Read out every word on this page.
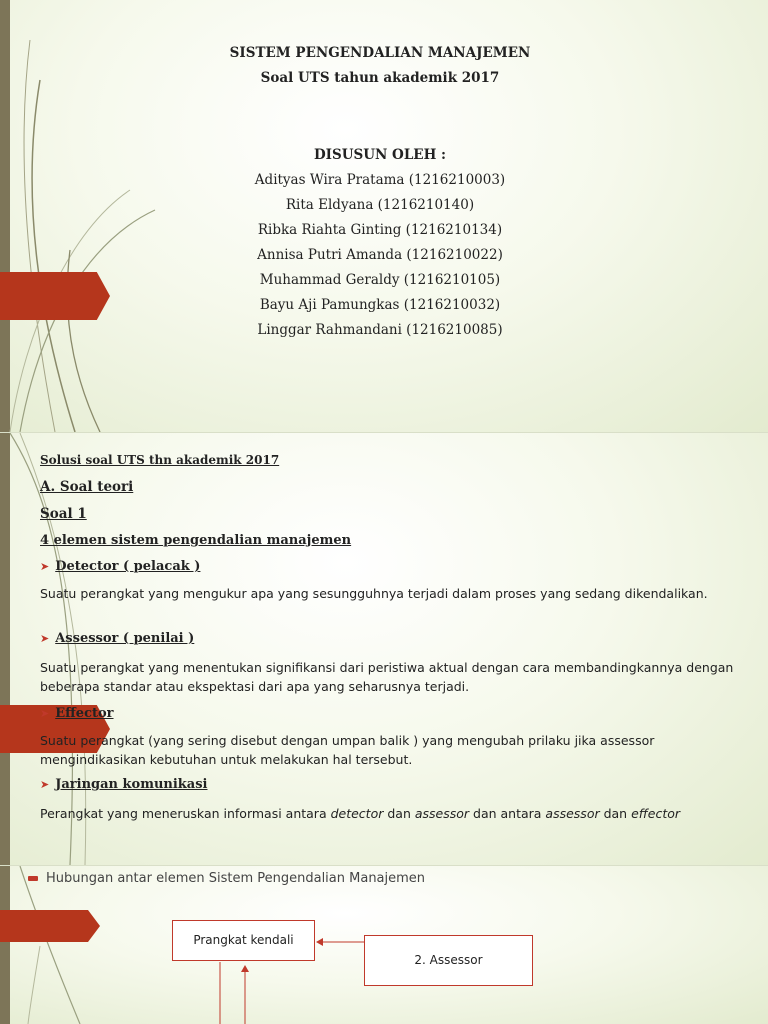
SISTEM PENGENDALIAN MANAJEMEN
Soal UTS tahun akademik 2017
DISUSUN OLEH :
Adityas Wira Pratama (1216210003)
Rita Eldyana (1216210140)
Ribka Riahta Ginting (1216210134)
Annisa Putri Amanda (1216210022)
Muhammad Geraldy (1216210105)
Bayu Aji Pamungkas (1216210032)
Linggar Rahmandani (1216210085)
Solusi soal UTS thn akademik 2017
A. Soal teori
Soal 1
4 elemen sistem pengendalian manajemen
➤ Detector ( pelacak )
Suatu perangkat yang mengukur apa yang sesungguhnya terjadi dalam proses yang sedang dikendalikan.
➤ Assessor ( penilai )
Suatu perangkat yang menentukan signifikansi dari peristiwa aktual dengan cara membandingkannya dengan beberapa standar atau ekspektasi dari apa yang seharusnya terjadi.
➤ Effector
Suatu perangkat (yang sering disebut dengan umpan balik ) yang mengubah prilaku jika assessor mengindikasikan kebutuhan untuk melakukan hal tersebut.
➤ Jaringan komunikasi
Perangkat yang meneruskan informasi antara detector dan assessor dan antara assessor dan effector
Hubungan antar elemen Sistem Pengendalian Manajemen
Prangkat kendali
2. Assessor
